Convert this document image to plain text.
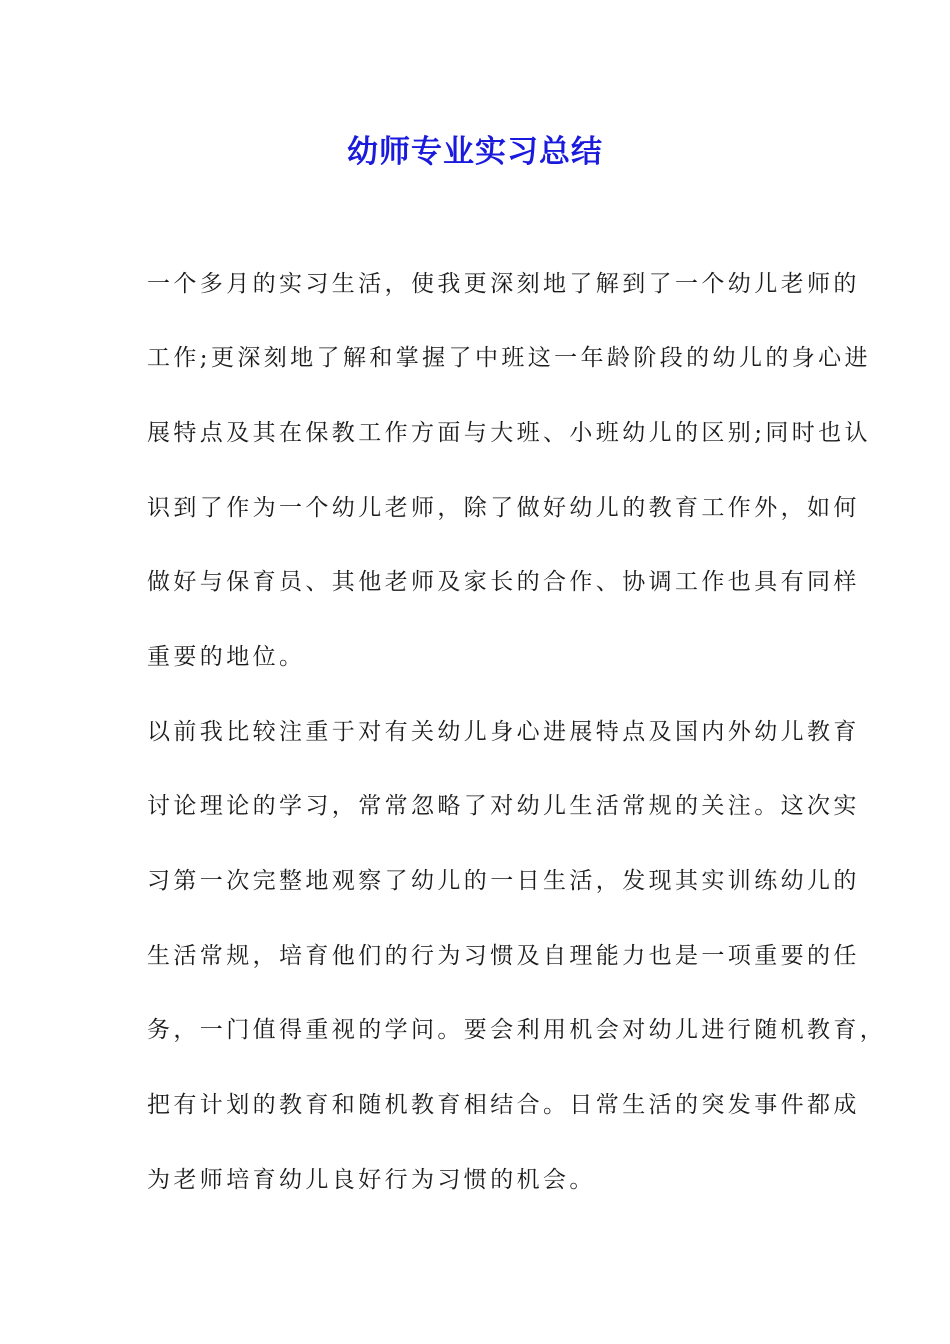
幼师专业实习总结
一个多月的实习生活，使我更深刻地了解到了一个幼儿老师的
工作;更深刻地了解和掌握了中班这一年龄阶段的幼儿的身心进
展特点及其在保教工作方面与大班、小班幼儿的区别;同时也认
识到了作为一个幼儿老师，除了做好幼儿的教育工作外，如何
做好与保育员、其他老师及家长的合作、协调工作也具有同样
重要的地位。
以前我比较注重于对有关幼儿身心进展特点及国内外幼儿教育
讨论理论的学习，常常忽略了对幼儿生活常规的关注。这次实
习第一次完整地观察了幼儿的一日生活，发现其实训练幼儿的
生活常规，培育他们的行为习惯及自理能力也是一项重要的任
务，一门值得重视的学问。要会利用机会对幼儿进行随机教育，
把有计划的教育和随机教育相结合。日常生活的突发事件都成
为老师培育幼儿良好行为习惯的机会。
